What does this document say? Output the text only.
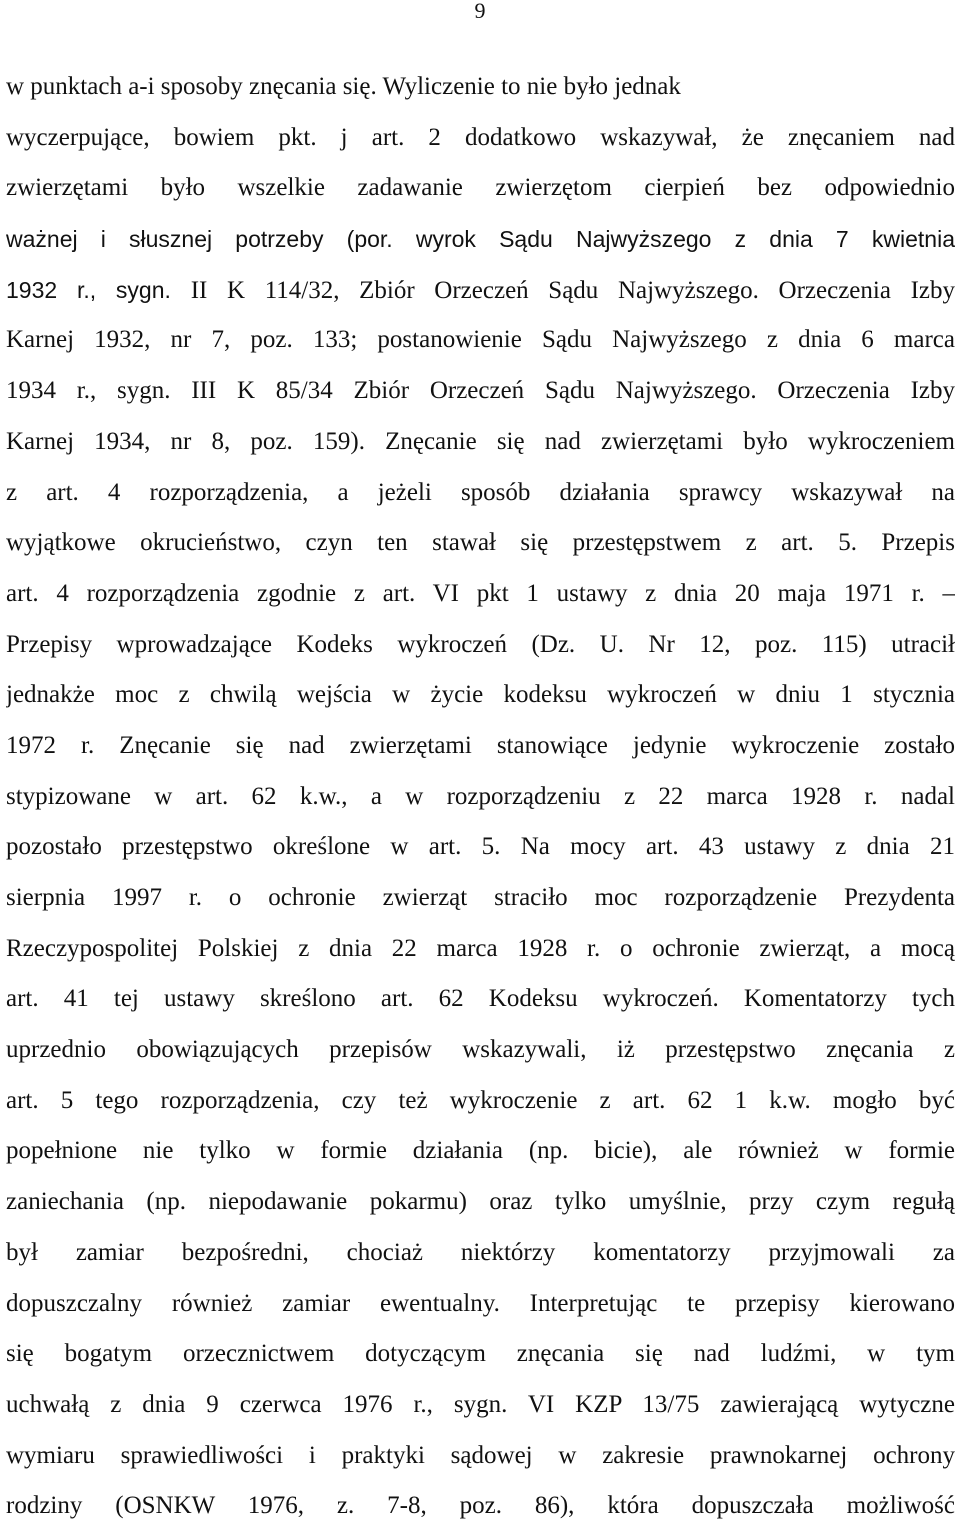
9
w punktach a-i sposoby znęcania się. Wyliczenie to nie było jednak
wyczerpujące, bowiem pkt. j art. 2 dodatkowo wskazywał, że znęcaniem nad
zwierzętami było wszelkie zadawanie zwierzętom cierpień bez odpowiednio
ważnej i słusznej potrzeby (por. wyrok Sądu Najwyższego z dnia 7 kwietnia
1932 r., sygn. II K 114/32, Zbiór Orzeczeń Sądu Najwyższego. Orzeczenia Izby
Karnej 1932, nr 7, poz. 133; postanowienie Sądu Najwyższego z dnia 6 marca
1934 r., sygn. III K 85/34 Zbiór Orzeczeń Sądu Najwyższego. Orzeczenia Izby
Karnej 1934, nr 8, poz. 159). Znęcanie się nad zwierzętami było wykroczeniem
z art. 4 rozporządzenia, a jeżeli sposób działania sprawcy wskazywał na
wyjątkowe okrucieństwo, czyn ten stawał się przestępstwem z art. 5. Przepis
art. 4 rozporządzenia zgodnie z art. VI pkt 1 ustawy z dnia 20 maja 1971 r. –
Przepisy wprowadzające Kodeks wykroczeń (Dz. U. Nr 12, poz. 115) utracił
jednakże moc z chwilą wejścia w życie kodeksu wykroczeń w dniu 1 stycznia
1972 r. Znęcanie się nad zwierzętami stanowiące jedynie wykroczenie zostało
stypizowane w art. 62 k.w., a w rozporządzeniu z 22 marca 1928 r. nadal
pozostało przestępstwo określone w art. 5. Na mocy art. 43 ustawy z dnia 21
sierpnia 1997 r. o ochronie zwierząt straciło moc rozporządzenie Prezydenta
Rzeczypospolitej Polskiej z dnia 22 marca 1928 r. o ochronie zwierząt, a mocą
art. 41 tej ustawy skreślono art. 62 Kodeksu wykroczeń. Komentatorzy tych
uprzednio obowiązujących przepisów wskazywali, iż przestępstwo znęcania z
art. 5 tego rozporządzenia, czy też wykroczenie z art. 62 1 k.w. mogło być
popełnione nie tylko w formie działania (np. bicie), ale również w formie
zaniechania (np. niepodawanie pokarmu) oraz tylko umyślnie, przy czym regułą
był zamiar bezpośredni, chociaż niektórzy komentatorzy przyjmowali za
dopuszczalny również zamiar ewentualny. Interpretując te przepisy kierowano
się bogatym orzecznictwem dotyczącym znęcania się nad ludźmi, w tym
uchwałą z dnia 9 czerwca 1976 r., sygn. VI KZP 13/75 zawierającą wytyczne
wymiaru sprawiedliwości i praktyki sądowej w zakresie prawnokarnej ochrony
rodziny (OSNKW 1976, z. 7-8, poz. 86), która dopuszczała możliwość
